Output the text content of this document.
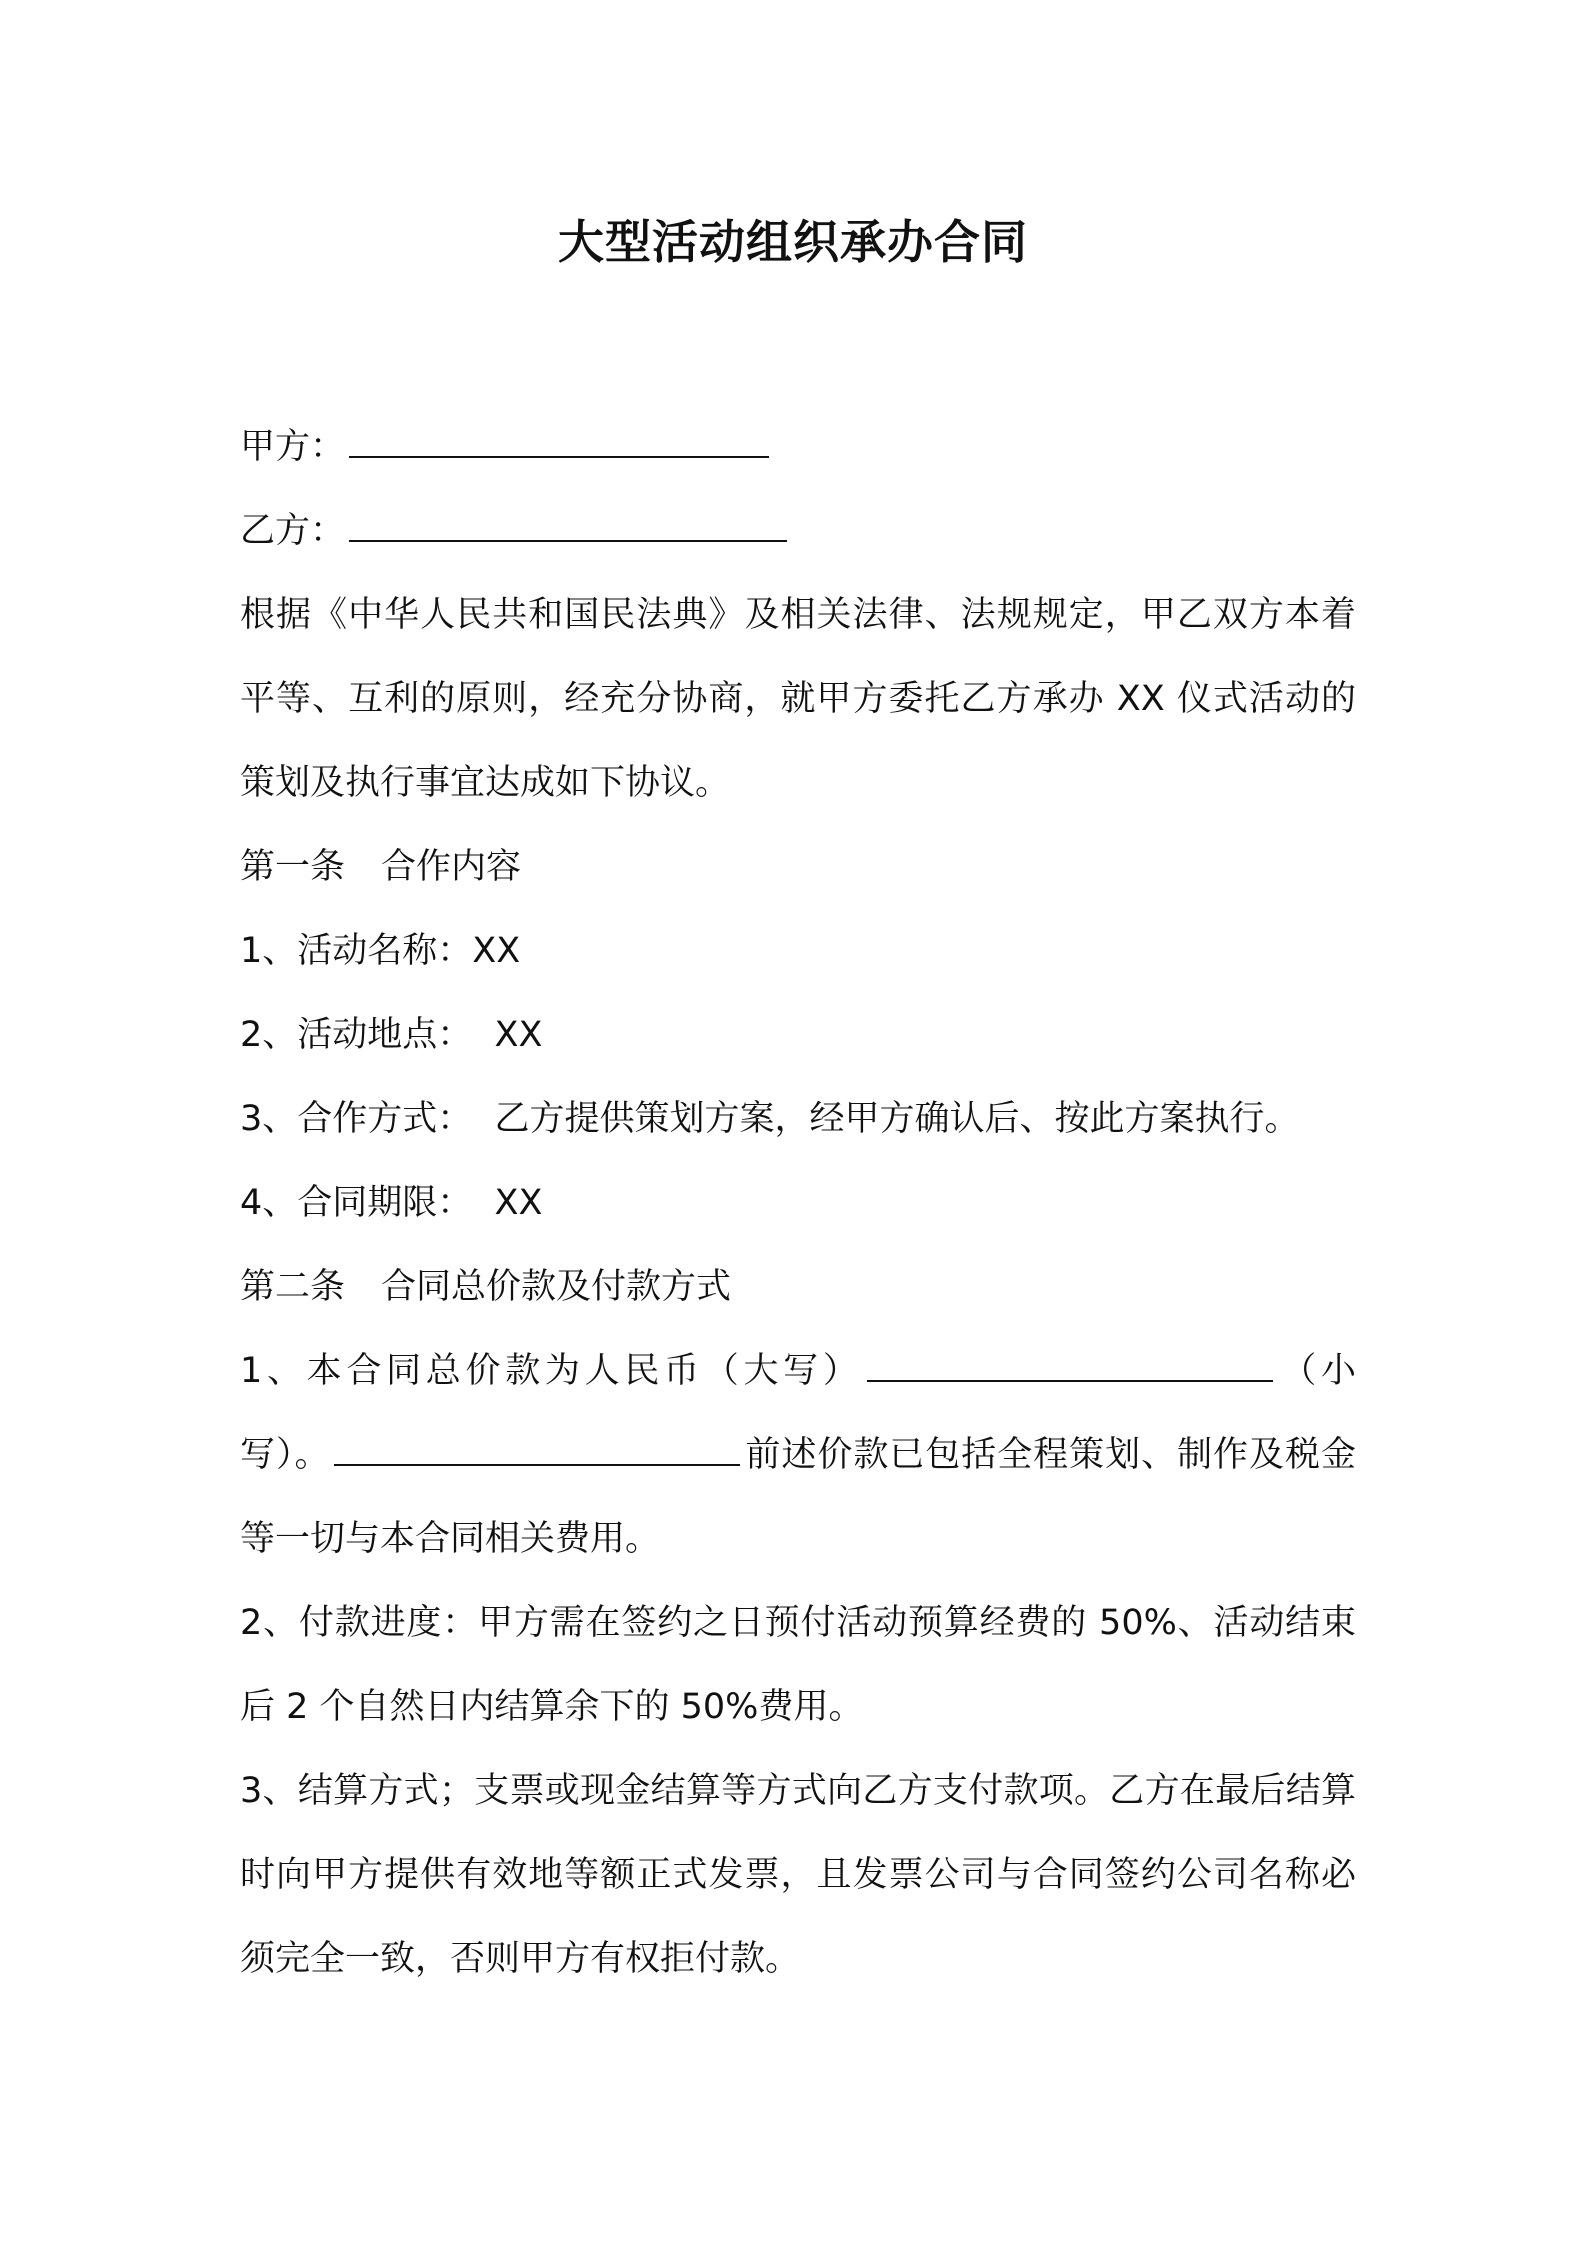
大型活动组织承办合同
甲方：
乙方：
根据《中华人民共和国民法典》及相关法律、法规规定，甲乙双方本着平等、互利的原则，经充分协商，就甲方委托乙方承办 XX 仪式活动的策划及执行事宜达成如下协议。
第一条 合作内容
1、活动名称：XX
2、活动地点：  XX
3、合作方式：  乙方提供策划方案，经甲方确认后、按此方案执行。
4、合同期限：  XX
第二条 合同总价款及付款方式
1、本合同总价款为人民币（大写）	（小写）。	前述价款已包括全程策划、制作及税金等一切与本合同相关费用。
2、付款进度：甲方需在签约之日预付活动预算经费的 50%、活动结束后 2 个自然日内结算余下的 50%费用。
3、结算方式；支票或现金结算等方式向乙方支付款项。乙方在最后结算时向甲方提供有效地等额正式发票，且发票公司与合同签约公司名称必须完全一致，否则甲方有权拒付款。
